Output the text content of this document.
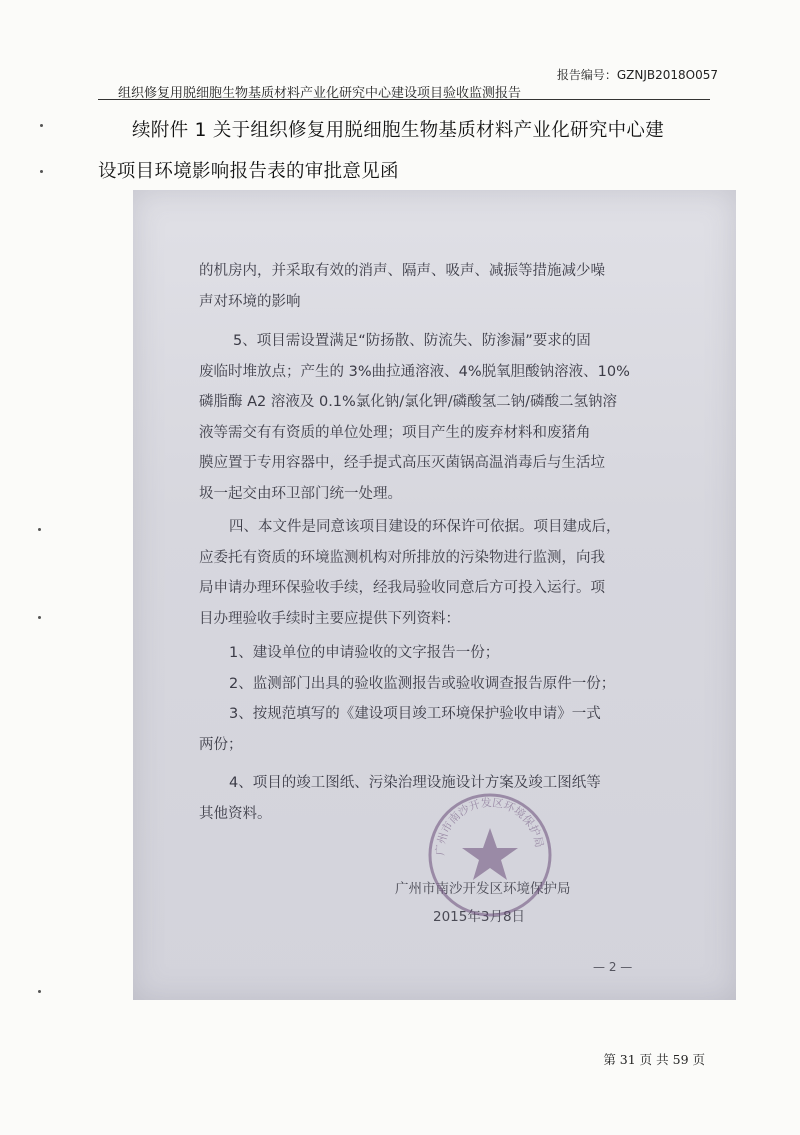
报告编号：GZNJB2018O057
组织修复用脱细胞生物基质材料产业化研究中心建设项目验收监测报告
续附件 1 关于组织修复用脱细胞生物基质材料产业化研究中心建
设项目环境影响报告表的审批意见函
的机房内，并采取有效的消声、隔声、吸声、减振等措施减少噪
声对环境的影响
5、项目需设置满足“防扬散、防流失、防渗漏”要求的固
废临时堆放点；产生的 3%曲拉通溶液、4%脱氧胆酸钠溶液、10%
磷脂酶 A2 溶液及 0.1%氯化钠/氯化钾/磷酸氢二钠/磷酸二氢钠溶
液等需交有有资质的单位处理；项目产生的废弃材料和废猪角
膜应置于专用容器中，经手提式高压灭菌锅高温消毒后与生活垃
圾一起交由环卫部门统一处理。
四、本文件是同意该项目建设的环保许可依据。项目建成后，
应委托有资质的环境监测机构对所排放的污染物进行监测，向我
局申请办理环保验收手续，经我局验收同意后方可投入运行。项
目办理验收手续时主要应提供下列资料：
1、建设单位的申请验收的文字报告一份；
2、监测部门出具的验收监测报告或验收调查报告原件一份；
3、按规范填写的《建设项目竣工环境保护验收申请》一式
两份；
4、项目的竣工图纸、污染治理设施设计方案及竣工图纸等
其他资料。
广州市南沙开发区环境保护局
2015年3月8日
— 2 —
广州市南沙开发区环境保护局
第 31 页 共 59 页
